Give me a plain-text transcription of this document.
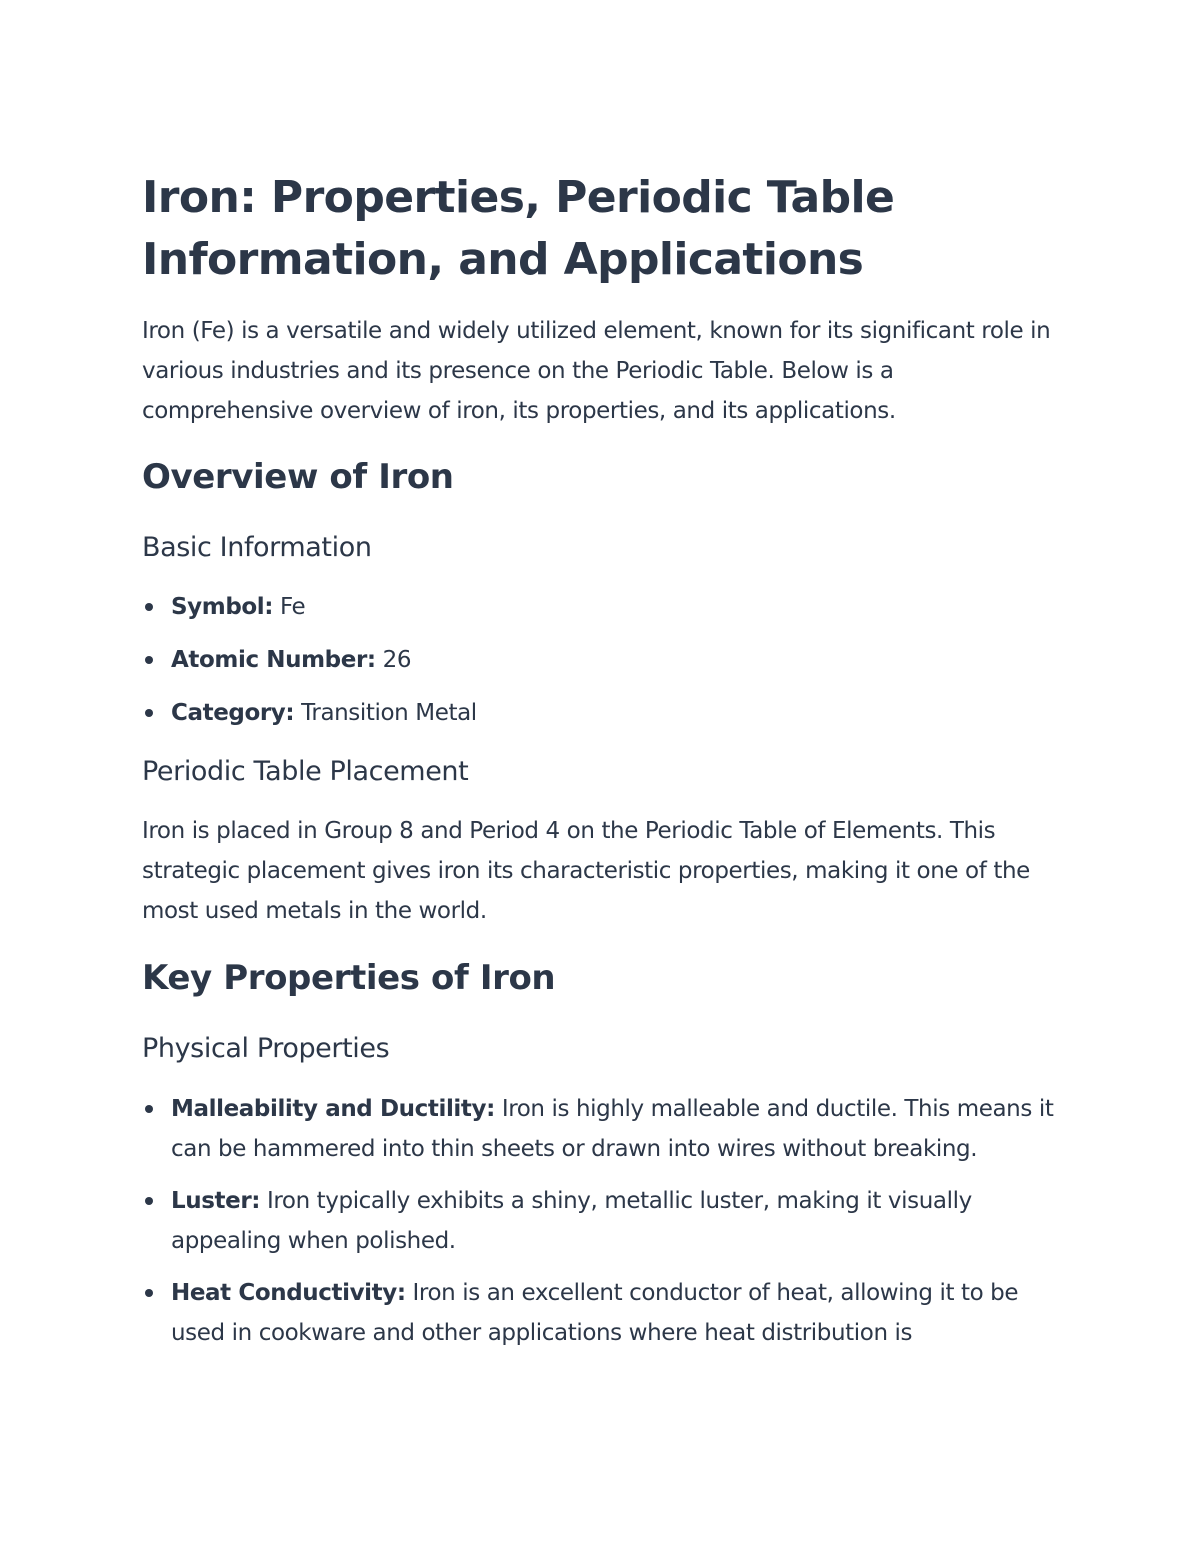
Iron: Properties, Periodic Table Information, and Applications

Iron (Fe) is a versatile and widely utilized element, known for its significant role in various industries and its presence on the Periodic Table. Below is a comprehensive overview of iron, its properties, and its applications.

Overview of Iron
Basic Information
Symbol: Fe
Atomic Number: 26
Category: Transition Metal
Periodic Table Placement

Iron is placed in Group 8 and Period 4 on the Periodic Table of Elements. This strategic placement gives iron its characteristic properties, making it one of the most used metals in the world.

Key Properties of Iron
Physical Properties
Malleability and Ductility: Iron is highly malleable and ductile. This means it can be hammered into thin sheets or drawn into wires without breaking.
Luster: Iron typically exhibits a shiny, metallic luster, making it visually appealing when polished.
Heat Conductivity: Iron is an excellent conductor of heat, allowing it to be used in cookware and other applications where heat distribution is
